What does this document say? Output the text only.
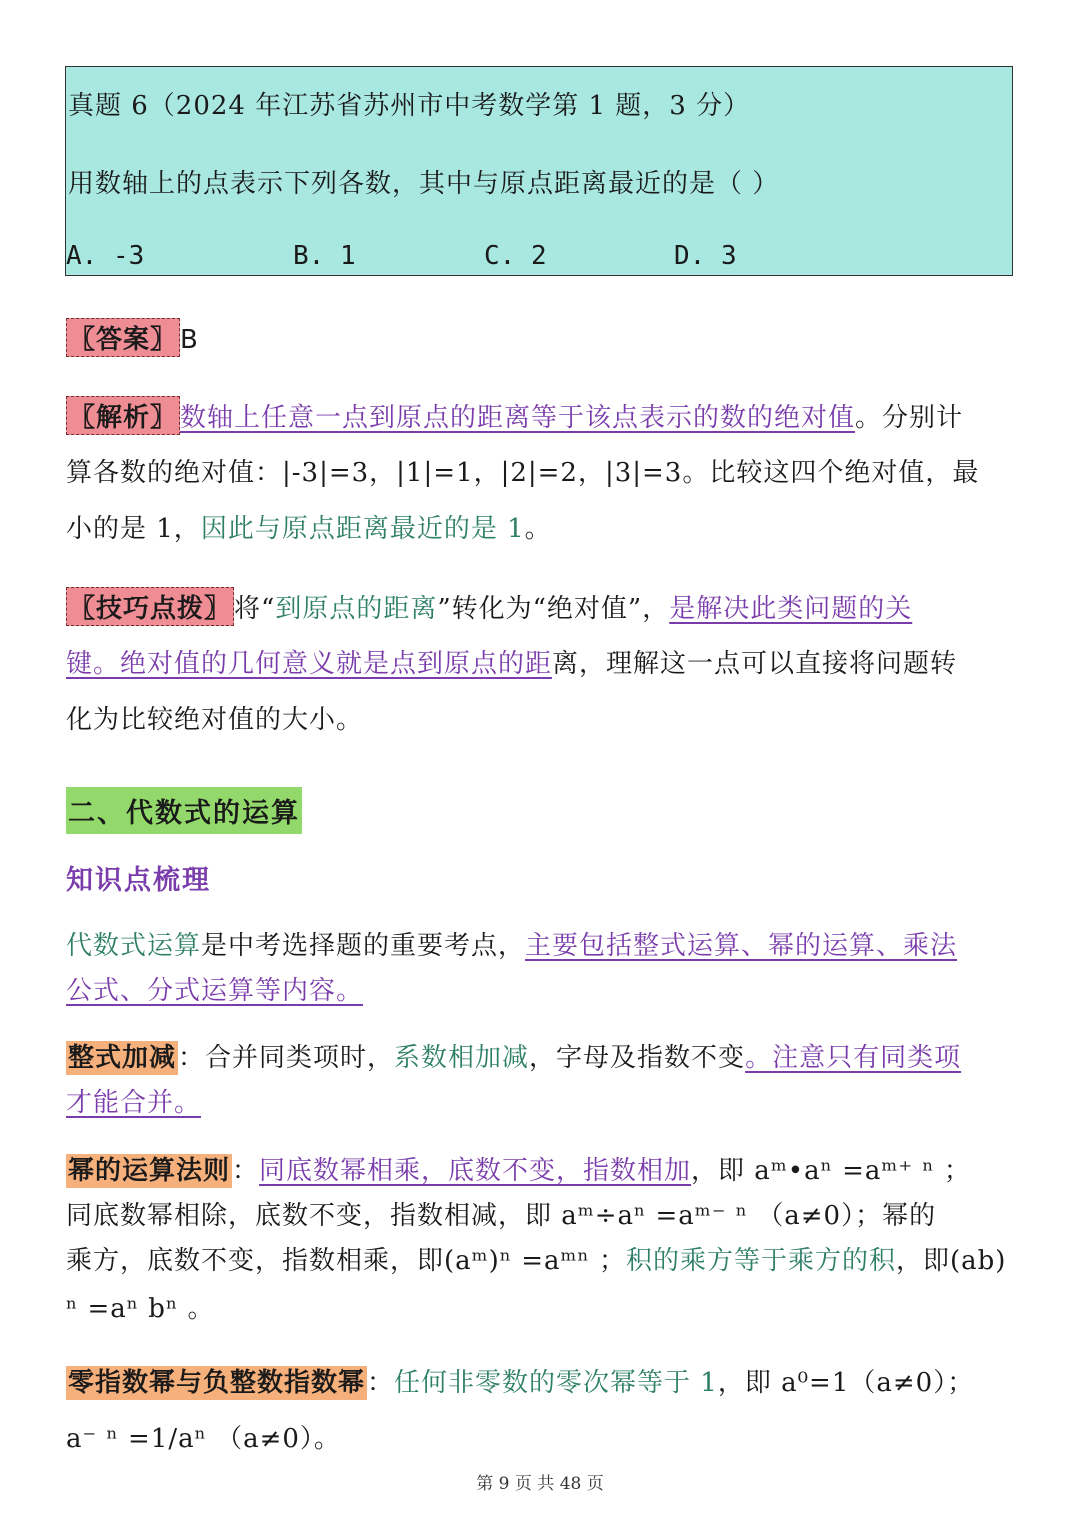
真题 6（2024 年江苏省苏州市中考数学第 1 题，3 分）
用数轴上的点表示下列各数，其中与原点距离最近的是（ ）
A. -3	B. 1	C. 2	D. 3
〖答案〗 B
〖解析〗 数轴上任意一点到原点的距离等于该点表示的数的绝对值。分别计
算各数的绝对值：|-3|=3，|1|=1，|2|=2，|3|=3。比较这四个绝对值，最
小的是 1，因此与原点距离最近的是 1。
〖技巧点拨〗 将“到原点的距离”转化为“绝对值”，是解决此类问题的关
键。绝对值的几何意义就是点到原点的距离，理解这一点可以直接将问题转
化为比较绝对值的大小。
二、代数式的运算
知识点梳理
代数式运算是中考选择题的重要考点，主要包括整式运算、幂的运算、乘法
公式、分式运算等内容。
整式加减：合并同类项时，系数相加减，字母及指数不变。注意只有同类项
才能合并。
幂的运算法则：同底数幂相乘，底数不变，指数相加，即 aᵐ•aⁿ =aᵐ⁺ ⁿ ；
同底数幂相除，底数不变，指数相减，即 aᵐ÷aⁿ =aᵐ⁻ ⁿ （a≠0）；幂的
乘方，底数不变，指数相乘，即(aᵐ)ⁿ =aᵐⁿ ；积的乘方等于乘方的积，即(ab)
ⁿ =aⁿ bⁿ 。
零指数幂与负整数指数幂：任何非零数的零次幂等于 1，即 a⁰=1（a≠0）；
a⁻ ⁿ =1/aⁿ （a≠0）。
第 9 页 共 48 页
